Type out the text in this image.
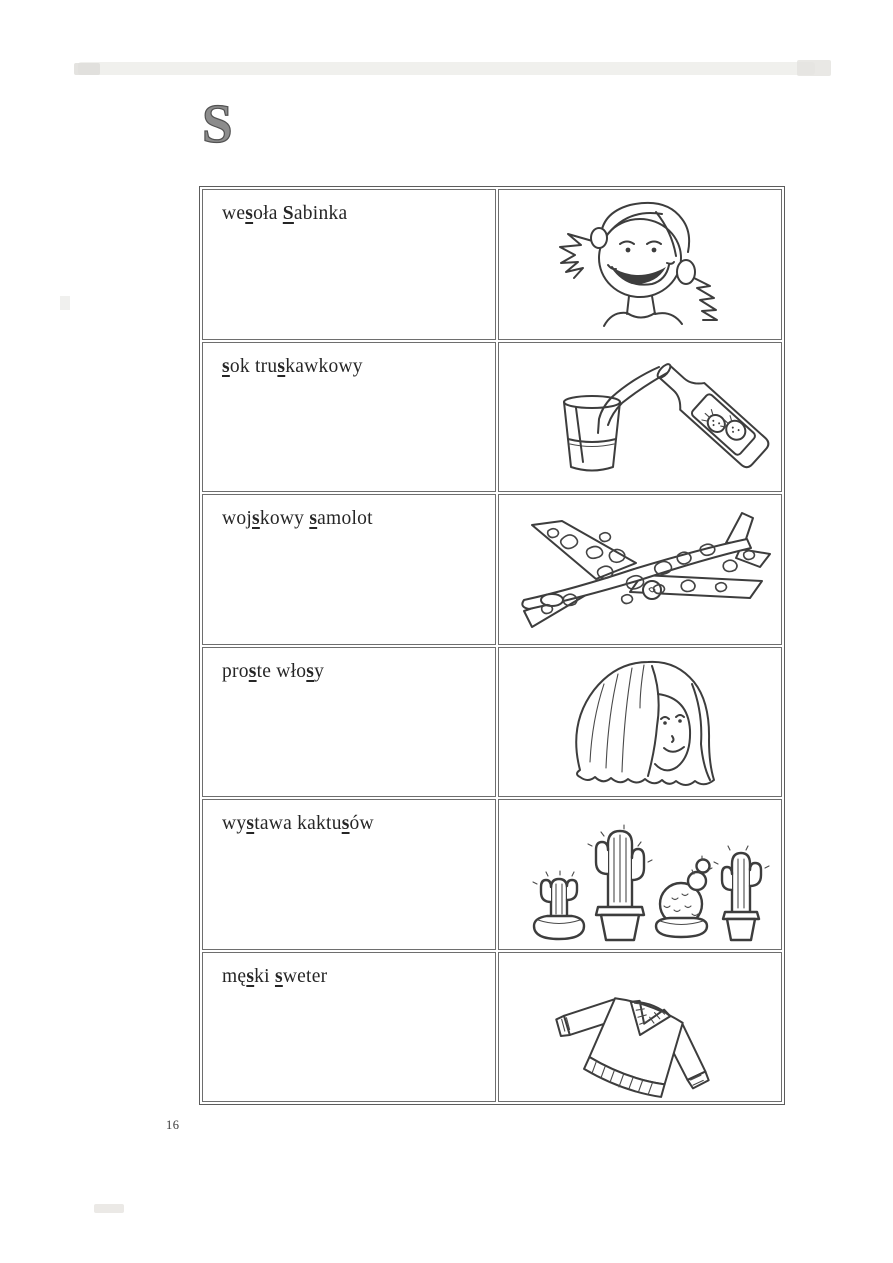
S
wesoła Sabinka
sok truskawkowy
wojskowy samolot
proste włosy
wystawa kaktusów
męski sweter
16
